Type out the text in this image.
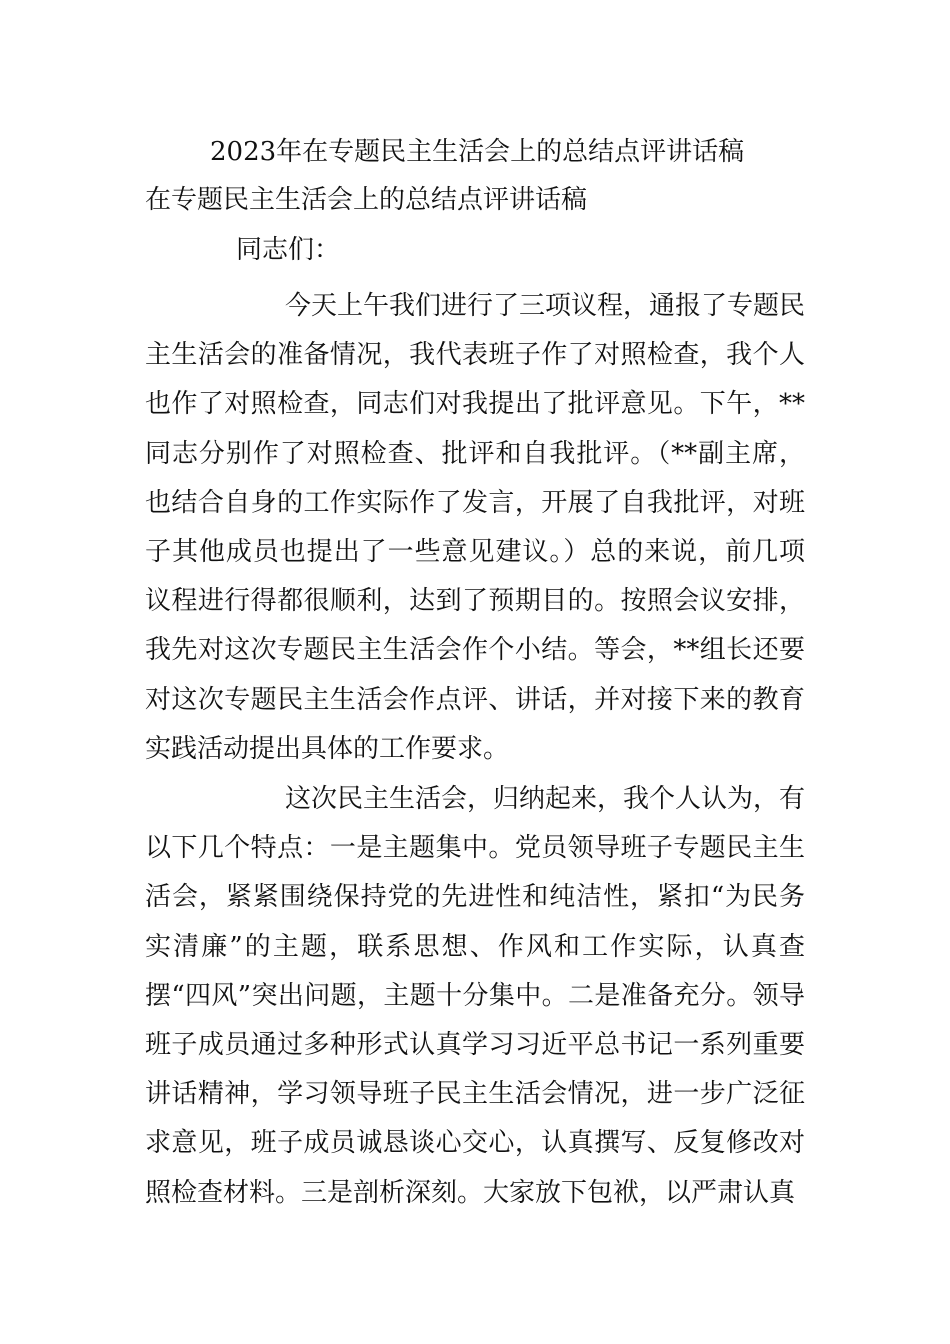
2023年在专题民主生活会上的总结点评讲话稿
在专题民主生活会上的总结点评讲话稿
同志们：

今天上午我们进行了三项议程，通报了专题民主生活会的准备情况，我代表班子作了对照检查，我个人也作了对照检查，同志们对我提出了批评意见。下午，**同志分别作了对照检查、批评和自我批评。（**副主席，也结合自身的工作实际作了发言，开展了自我批评，对班子其他成员也提出了一些意见建议。）总的来说，前几项议程进行得都很顺利，达到了预期目的。按照会议安排，我先对这次专题民主生活会作个小结。等会，**组长还要对这次专题民主生活会作点评、讲话，并对接下来的教育实践活动提出具体的工作要求。

这次民主生活会，归纳起来，我个人认为，有以下几个特点：一是主题集中。党员领导班子专题民主生活会，紧紧围绕保持党的先进性和纯洁性，紧扣“为民务实清廉”的主题，联系思想、作风和工作实际，认真查摆“四风”突出问题，主题十分集中。二是准备充分。领导班子成员通过多种形式认真学习习近平总书记一系列重要讲话精神，学习领导班子民主生活会情况，进一步广泛征求意见，班子成员诚恳谈心交心，认真撰写、反复修改对照检查材料。三是剖析深刻。大家放下包袱，以严肃认真
